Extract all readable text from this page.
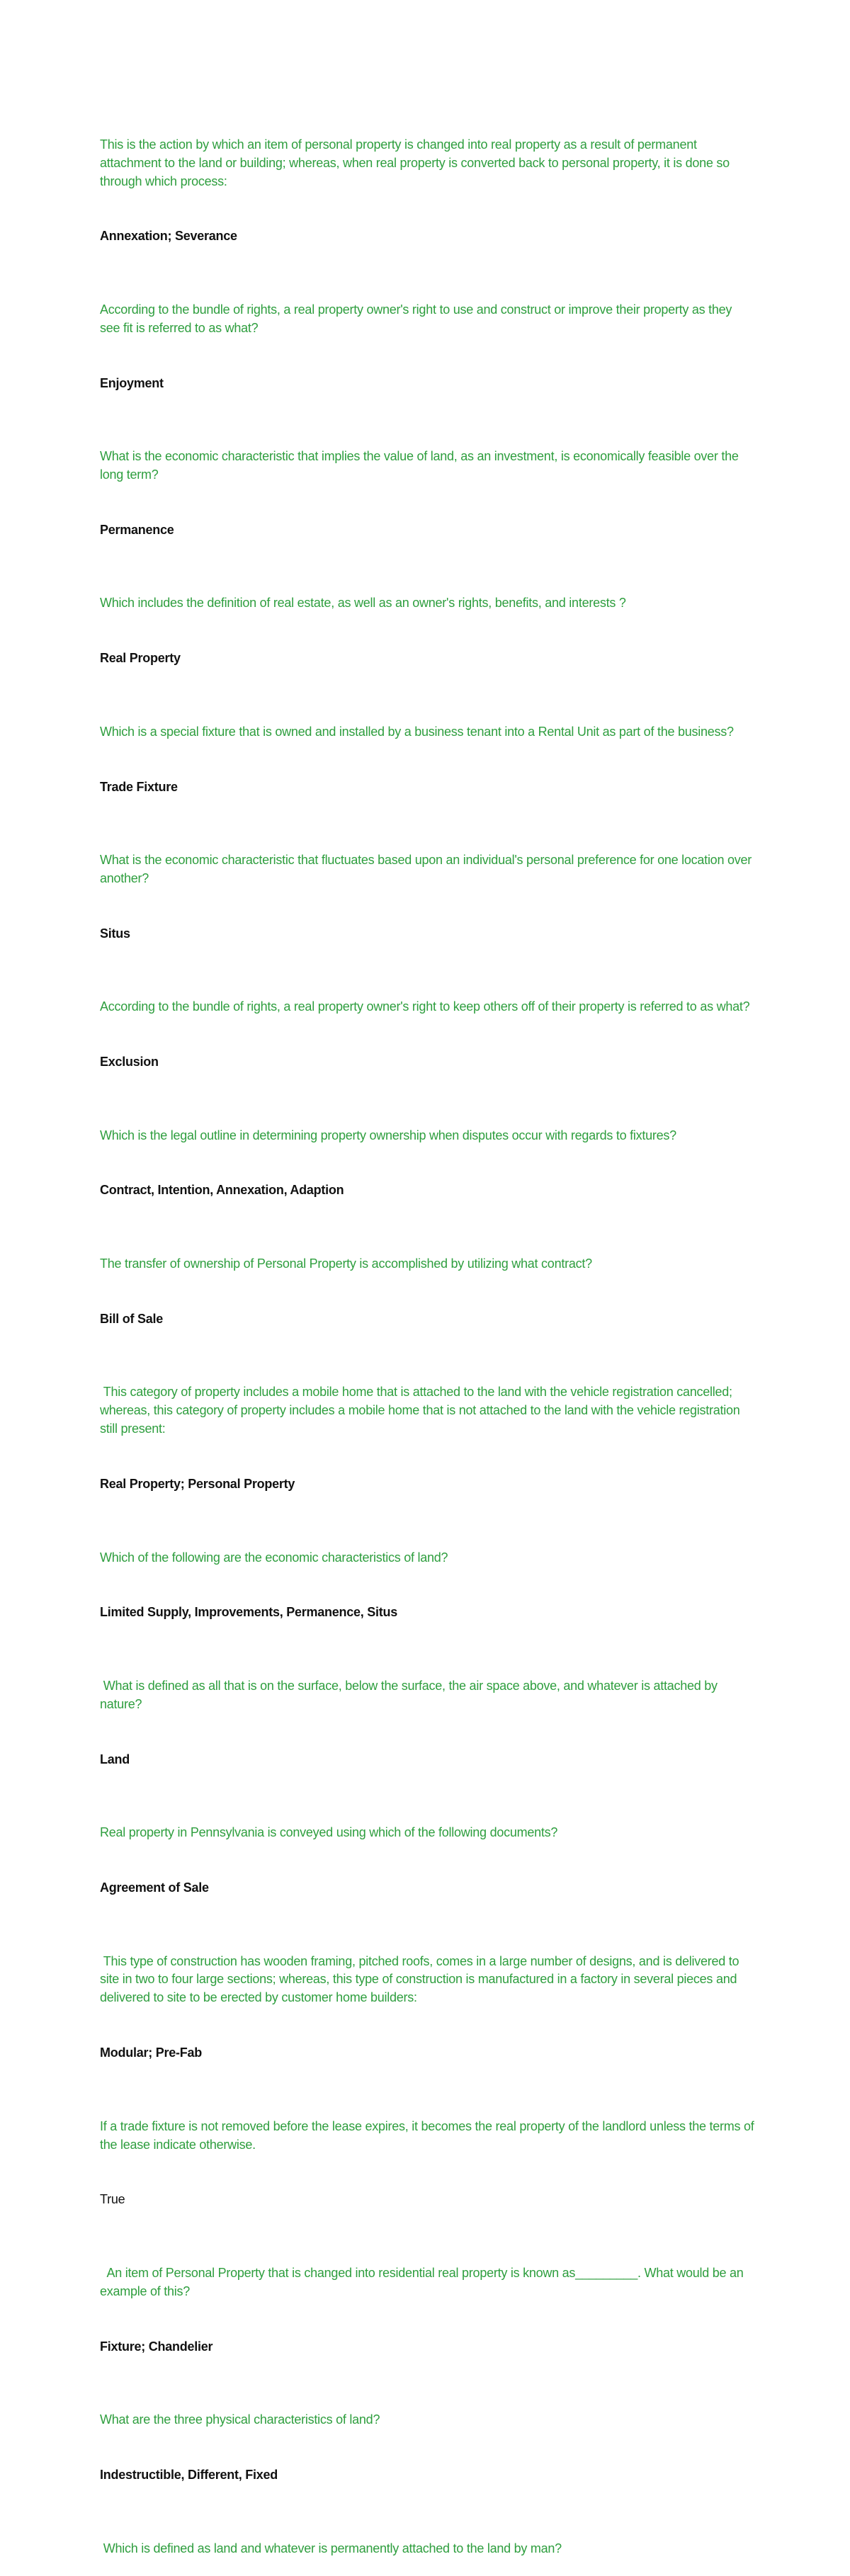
This is the action by which an item of personal property is changed into real property as a result of permanent attachment to the land or building; whereas, when real property is converted back to personal property, it is done so through which process:

Annexation; Severance

According to the bundle of rights, a real property owner's right to use and construct or improve their property as they see fit is referred to as what?

Enjoyment

What is the economic characteristic that implies the value of land, as an investment, is economically feasible over the long term?

Permanence

Which includes the definition of real estate, as well as an owner's rights, benefits, and interests ?

Real Property

Which is a special fixture that is owned and installed by a business tenant into a Rental Unit as part of the business?

Trade Fixture

What is the economic characteristic that fluctuates based upon an individual's personal preference for one location over another?

Situs

According to the bundle of rights, a real property owner's right to keep others off of their property is referred to as what?

Exclusion

Which is the legal outline in determining property ownership when disputes occur with regards to fixtures?

Contract, Intention, Annexation, Adaption

The transfer of ownership of Personal Property is accomplished by utilizing what contract?

Bill of Sale

This category of property includes a mobile home that is attached to the land with the vehicle registration cancelled; whereas, this category of property includes a mobile home that is not attached to the land with the vehicle registration still present:

Real Property; Personal Property

Which of the following are the economic characteristics of land?

Limited Supply, Improvements, Permanence, Situs

What is defined as all that is on the surface, below the surface, the air space above, and whatever is attached by nature?

Land

Real property in Pennsylvania is conveyed using which of the following documents?

Agreement of Sale

This type of construction has wooden framing, pitched roofs, comes in a large number of designs, and is delivered to site in two to four large sections; whereas, this type of construction is manufactured in a factory in several pieces and delivered to site to be erected by customer home builders:

Modular; Pre-Fab

If a trade fixture is not removed before the lease expires, it becomes the real property of the landlord unless the terms of the lease indicate otherwise.

True

An item of Personal Property that is changed into residential real property is known as_________. What would be an example of this?

Fixture; Chandelier

What are the three physical characteristics of land?

Indestructible, Different, Fixed

Which is defined as land and whatever is permanently attached to the land by man?
